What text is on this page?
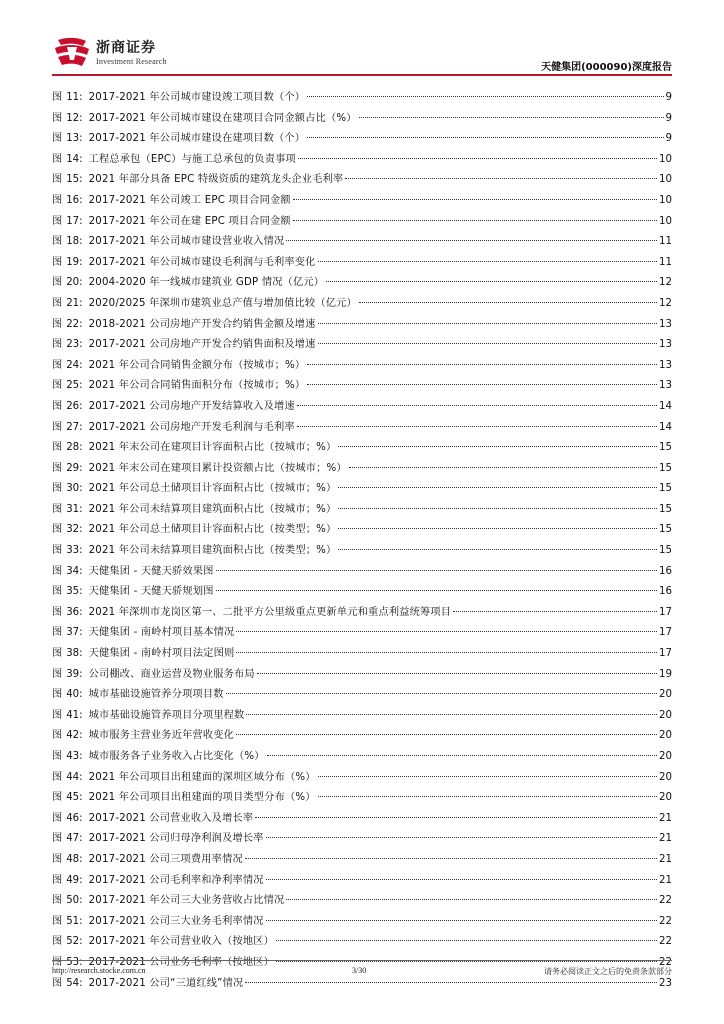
浙商证券
Investment Research
天健集团(000090)深度报告
图 11: 2017-2021 年公司城市建设竣工项目数（个）	9
图 12: 2017-2021 年公司城市建设在建项目合同金额占比（%）	9
图 13: 2017-2021 年公司城市建设在建项目数（个）	9
图 14: 工程总承包（EPC）与施工总承包的负责事项	10
图 15: 2021 年部分具备 EPC 特级资质的建筑龙头企业毛利率	10
图 16: 2017-2021 年公司竣工 EPC 项目合同金额	10
图 17: 2017-2021 年公司在建 EPC 项目合同金额	10
图 18: 2017-2021 年公司城市建设营业收入情况	11
图 19: 2017-2021 年公司城市建设毛利润与毛利率变化	11
图 20: 2004-2020 年一线城市建筑业 GDP 情况（亿元）	12
图 21: 2020/2025 年深圳市建筑业总产值与增加值比较（亿元）	12
图 22: 2018-2021 公司房地产开发合约销售金额及增速	13
图 23: 2017-2021 公司房地产开发合约销售面积及增速	13
图 24: 2021 年公司合同销售金额分布（按城市；%）	13
图 25: 2021 年公司合同销售面积分布（按城市；%）	13
图 26: 2017-2021 公司房地产开发结算收入及增速	14
图 27: 2017-2021 公司房地产开发毛利润与毛利率	14
图 28: 2021 年末公司在建项目计容面积占比（按城市；%）	15
图 29: 2021 年末公司在建项目累计投资额占比（按城市；%）	15
图 30: 2021 年公司总土储项目计容面积占比（按城市；%）	15
图 31: 2021 年公司未结算项目建筑面积占比（按城市；%）	15
图 32: 2021 年公司总土储项目计容面积占比（按类型；%）	15
图 33: 2021 年公司未结算项目建筑面积占比（按类型；%）	15
图 34: 天健集团 - 天健天骄效果图	16
图 35: 天健集团 - 天健天骄规划图	16
图 36: 2021 年深圳市龙岗区第一、二批平方公里级重点更新单元和重点利益统筹项目	17
图 37: 天健集团 - 南岭村项目基本情况	17
图 38: 天健集团 - 南岭村项目法定图则	17
图 39: 公司棚改、商业运营及物业服务布局	19
图 40: 城市基础设施管养分项项目数	20
图 41: 城市基础设施管养项目分项里程数	20
图 42: 城市服务主营业务近年营收变化	20
图 43: 城市服务各子业务收入占比变化（%）	20
图 44: 2021 年公司项目出租建面的深圳区域分布（%）	20
图 45: 2021 年公司项目出租建面的项目类型分布（%）	20
图 46: 2017-2021 公司营业收入及增长率	21
图 47: 2017-2021 公司归母净利润及增长率	21
图 48: 2017-2021 公司三项费用率情况	21
图 49: 2017-2021 公司毛利率和净利率情况	21
图 50: 2017-2021 年公司三大业务营收占比情况	22
图 51: 2017-2021 公司三大业务毛利率情况	22
图 52: 2017-2021 年公司营业收入（按地区）	22
图 53: 2017-2021 公司业务毛利率（按地区）	22
图 54: 2017-2021 公司“三道红线”情况	23
http://research.stocke.com.cn	3/30	请务必阅读正文之后的免责条款部分
